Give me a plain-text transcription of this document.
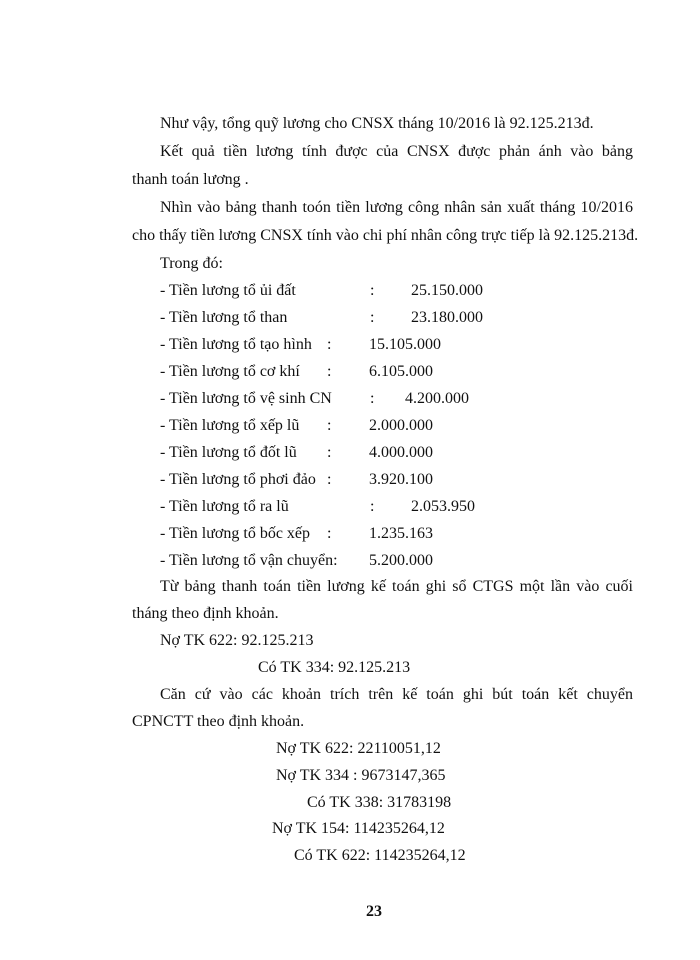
Như vậy, tổng quỹ lương cho CNSX tháng 10/2016 là 92.125.213đ.
Kết quả tiền lương tính được của CNSX được phản ánh vào bảng
thanh toán lương .
Nhìn vào bảng thanh toón tiền lương công nhân sản xuất tháng 10/2016
cho thấy tiền lương CNSX tính vào chi phí nhân công trực tiếp là 92.125.213đ.
Trong đó:
- Tiền lương tổ ủi đất	: 25.150.000
- Tiền lương tổ than	: 23.180.000
- Tiền lương tổ tạo hình : 15.105.000
- Tiền lương tổ cơ khí : 6.105.000
- Tiền lương tổ vệ sinh CN : 4.200.000
- Tiền lương tổ xếp lũ : 2.000.000
- Tiền lương tổ đốt lũ : 4.000.000
- Tiền lương tổ phơi đảo : 3.920.100
- Tiền lương tổ ra lũ	: 2.053.950
- Tiền lương tổ bốc xếp : 1.235.163
- Tiền lương tổ vận chuyển: 5.200.000
Từ bảng thanh toán tiền lương kế toán ghi sổ CTGS một lần vào cuối
tháng theo định khoản.
Nợ TK 622: 92.125.213
Có TK 334: 92.125.213
Căn cứ vào các khoản trích trên kế toán ghi bút toán kết chuyển
CPNCTT theo định khoản.
Nợ TK 622: 22110051,12
Nợ TK 334 : 9673147,365
Có TK 338: 31783198
Nợ TK 154: 114235264,12
Có TK 622: 114235264,12
23
